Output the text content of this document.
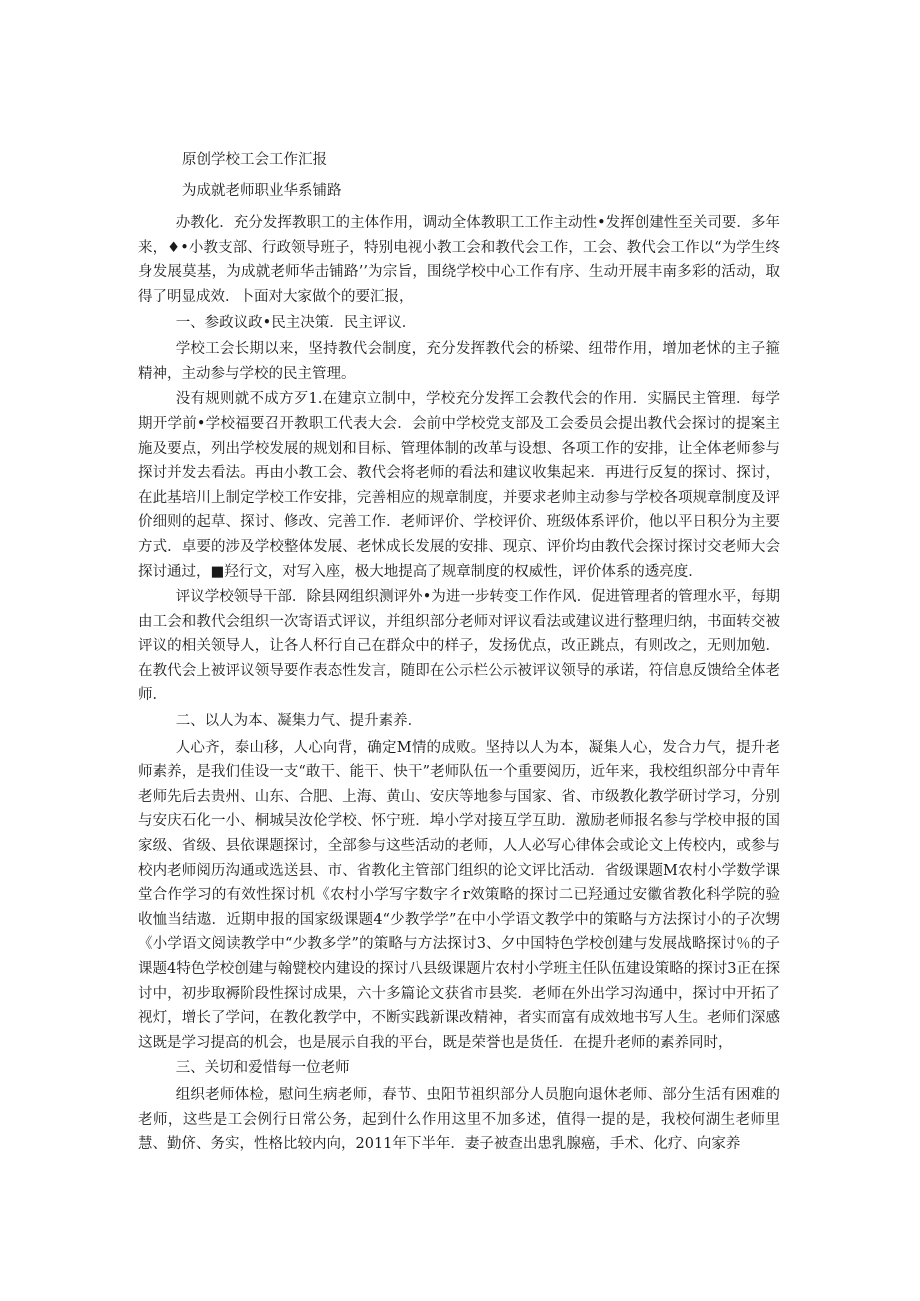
原创学校工会工作汇报

为成就老师职业华系铺路

办教化．充分发挥教职工的主体作用，调动全体教职工工作主动性•发挥创建性至关司要．多年来，♦•小教支部、行政领导班子，特别电视小教工会和教代会工作，工会、教代会工作以“为学生终身发展莫基，为成就老师华击铺路’’为宗旨，围绕学校中心工作有序、生动开展丰南多彩的活动，取得了明显成效．卜面对大家做个的要汇报，

一、参政议政•民主决策．民主评议．

学校工会长期以来，坚持教代会制度，充分发挥教代会的桥梁、纽带作用，增加老怵的主子箍精神，主动参与学校的民主管理。

没有规则就不成方歹1.在建京立制中，学校充分发挥工会教代会的作用．实膈民主管理．每学期开学前•学校福要召开教职工代表大会．会前中学校党支部及工会委员会提出教代会探讨的提案主施及要点，列出学校发展的规划和目标、管理体制的改革与设想、各项工作的安排，让全体老师参与探讨并发去看法。再由小教工会、教代会将老师的看法和建议收集起来．再进行反复的探讨、探讨，在此基培川上制定学校工作安排，完善相应的规章制度，并要求老帅主动参与学校各项规章制度及评价细则的起草、探讨、修改、完善工作．老师评价、学校评价、班级体系评价，他以平日积分为主要方式．卓要的涉及学校整体发展、老怵成长发展的安排、现京、评价均由教代会探讨探讨交老师大会探讨通过，■羟行文，对写入座，极大地提高了规章制度的权威性，评价体系的透亮度．

评议学校领导干部．除县网组织测评外•为进一步转变工作作风．促进管理者的管理水平，每期由工会和教代会组织一次寄语式评议，并组织部分老师对评议看法或建议进行整理归纳，书面转交被评议的相关领导人，让各人杯行自己在群众中的样子，发扬优点，改正跳点，有则改之，无则加勉．在教代会上被评议领导要作表态性发言，随即在公示栏公示被评议领导的承诺，符信息反馈给全体老师．

二、以人为本、凝集力气、提升素养．

人心齐，泰山移，人心向背，确定M情的成败。坚持以人为本，凝集人心，发合力气，提升老师素养，是我们佳设一支“敢干、能干、快干”老师队伍一个重要阅历，近年来，我校组织部分中青年老师先后去贵州、山东、合肥、上海、黄山、安庆等地参与国家、省、市级教化教学研讨学习，分别与安庆石化一小、桐城吴汝伦学校、怀宁班．埠小学对接互学互助．激励老师报名参与学校申报的国家级、省级、县依课题探讨，全部参与这些活动的老师，人人必写心律体会或论文上传校内，或参与校内老师阅历沟通或选送县、市、省教化主管部门组织的论文评比活动．省级课题M农村小学数学课堂合作学习的有效性探讨机《农村小学写字数字彳r效策略的探讨二已羟通过安徽省教化科学院的验收恤当结遨．近期申报的国家级课题4“少教学学”在中小学语文教学中的策略与方法探讨小的子次甥《小学语文阅读教学中“少教多学”的策略与方法探讨3、夕中国特色学校创建与发展战略探讨％的子课题4特色学校创建与翰甓校内建设的探讨八县级课题片农村小学班主任队伍建设策略的探讨3正在探讨中，初步取褥阶段性探讨成果，六十多篇论文获省市县奖．老师在外出学习沟通中，探讨中开拓了视灯，增长了学问，在教化教学中，不断实践新课改精神，者实而富有成效地书写人生。老师们深感这既是学习提高的机会，也是展示自我的平台，既是荣誉也是货任．在提升老师的素养同时，

三、关切和爱惜每一位老师

组织老师体检，慰问生病老师，春节、虫阳节祖织部分人员胞向退休老师、部分生活有困难的老师，这些是工会例行日常公务，起到什么作用这里不加多述，值得一提的是，我校何湖生老师里慧、勤侪、务实，性格比较内向，2011年下半年．妻子被查出患乳腺癌，手术、化疗、向家养
